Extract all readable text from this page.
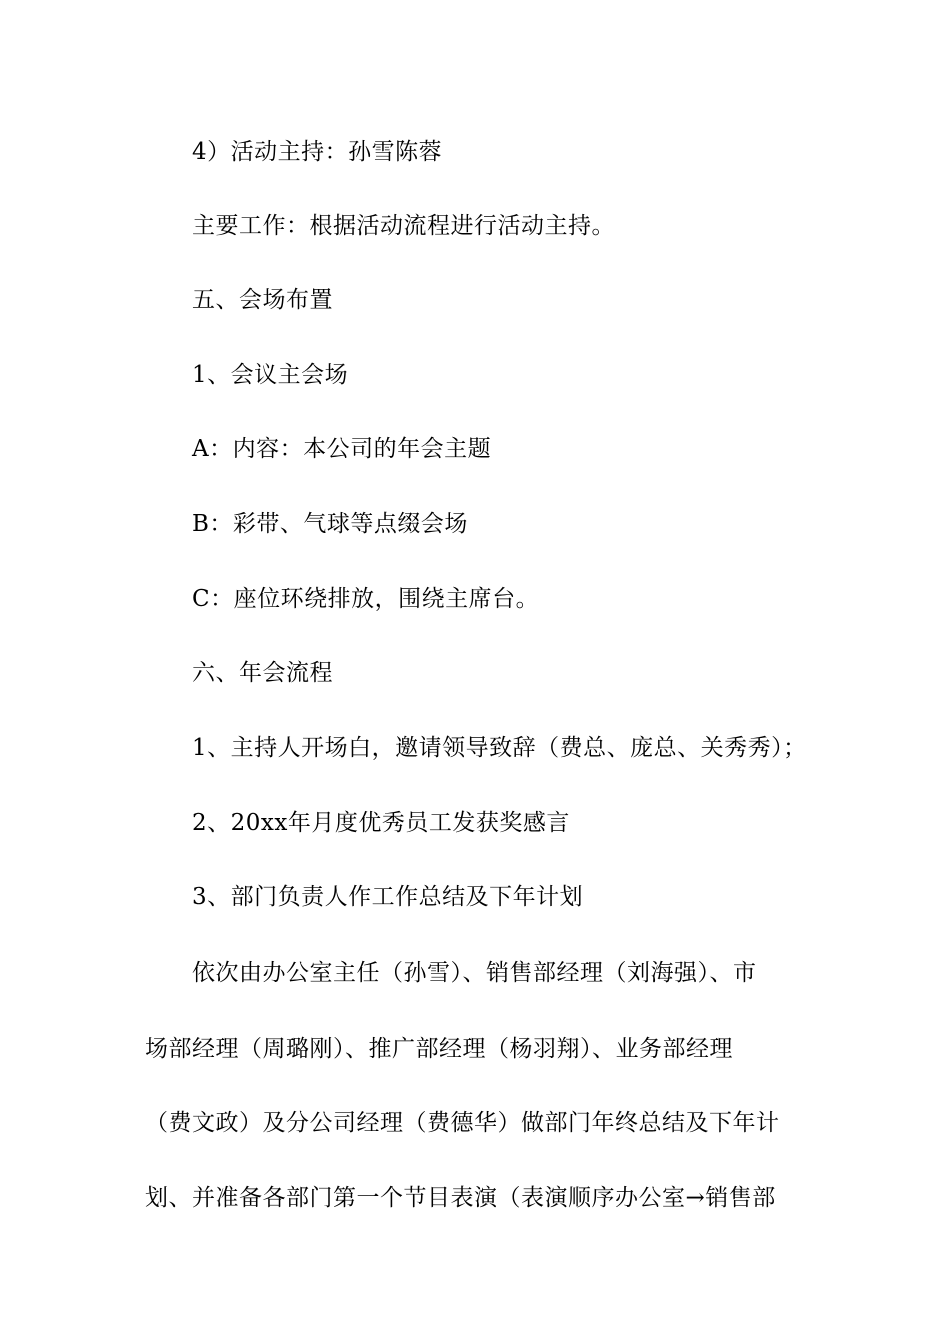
4）活动主持：孙雪陈蓉

主要工作：根据活动流程进行活动主持。

五、会场布置

1、会议主会场

A：内容：本公司的年会主题

B：彩带、气球等点缀会场

C：座位环绕排放，围绕主席台。

六、年会流程

1、主持人开场白，邀请领导致辞（费总、庞总、关秀秀）；

2、20xx年月度优秀员工发获奖感言

3、部门负责人作工作总结及下年计划

依次由办公室主任（孙雪）、销售部经理（刘海强）、市

场部经理（周璐刚）、推广部经理（杨羽翔）、业务部经理

（费文政）及分公司经理（费德华）做部门年终总结及下年计

划、并准备各部门第一个节目表演（表演顺序办公室→销售部
